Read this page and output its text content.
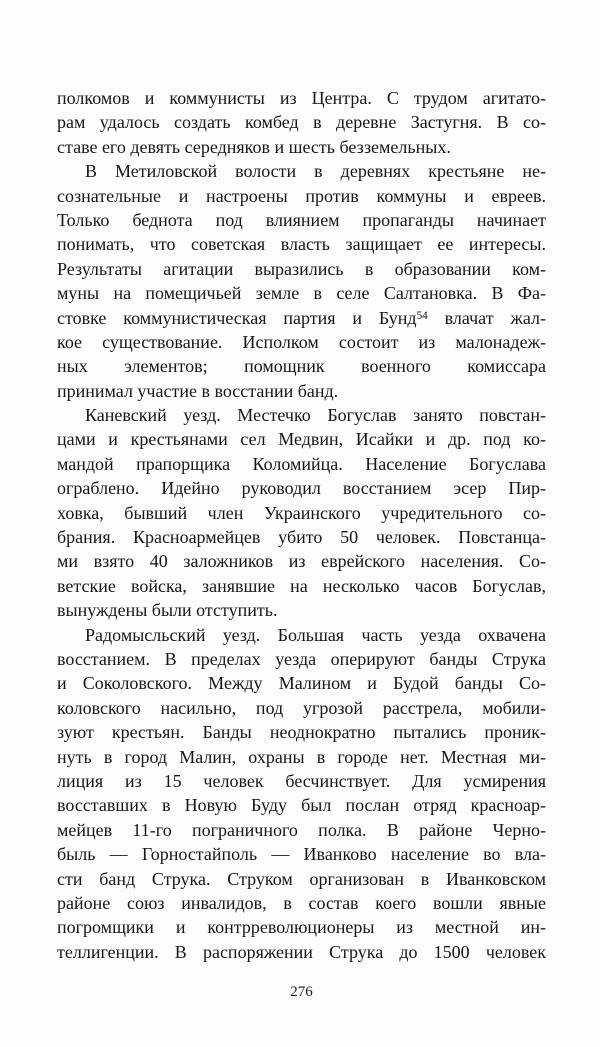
полкомов и коммунисты из Центра. С трудом агитато-
рам удалось создать комбед в деревне Застугня. В со-
ставе его девять середняков и шесть безземельных.

В Метиловской волости в деревнях крестьяне не-
сознательные и настроены против коммуны и евреев.
Только беднота под влиянием пропаганды начинает
понимать, что советская власть защищает ее интересы.
Результаты агитации выразились в образовании ком-
муны на помещичьей земле в селе Салтановка. В Фа-
стовке коммунистическая партия и Бунд$^{54}$ влачат жал-
кое существование. Исполком состоит из малонадеж-
ных элементов; помощник военного комиссара
принимал участие в восстании банд.

Каневский уезд. Местечко Богуслав занято повстан-
цами и крестьянами сел Медвин, Исайки и др. под ко-
мандой прапорщика Коломийца. Население Богуслава
ограблено. Идейно руководил восстанием эсер Пир-
ховка, бывший член Украинского учредительного со-
брания. Красноармейцев убито 50 человек. Повстанца-
ми взято 40 заложников из еврейского населения. Со-
ветские войска, занявшие на несколько часов Богуслав,
вынуждены были отступить.

Радомысльский уезд. Большая часть уезда охвачена
восстанием. В пределах уезда оперируют банды Струка
и Соколовского. Между Малином и Будой банды Со-
коловского насильно, под угрозой расстрела, мобили-
зуют крестьян. Банды неоднократно пытались проник-
нуть в город Малин, охраны в городе нет. Местная ми-
лиция из 15 человек бесчинствует. Для усмирения
восставших в Новую Буду был послан отряд красноар-
мейцев 11-го пограничного полка. В районе Черно-
быль — Горностайполь — Иванково население во вла-
сти банд Струка. Струком организован в Иванковском
районе союз инвалидов, в состав коего вошли явные
погромщики и контрреволюционеры из местной ин-
теллигенции. В распоряжении Струка до 1500 человек

276
